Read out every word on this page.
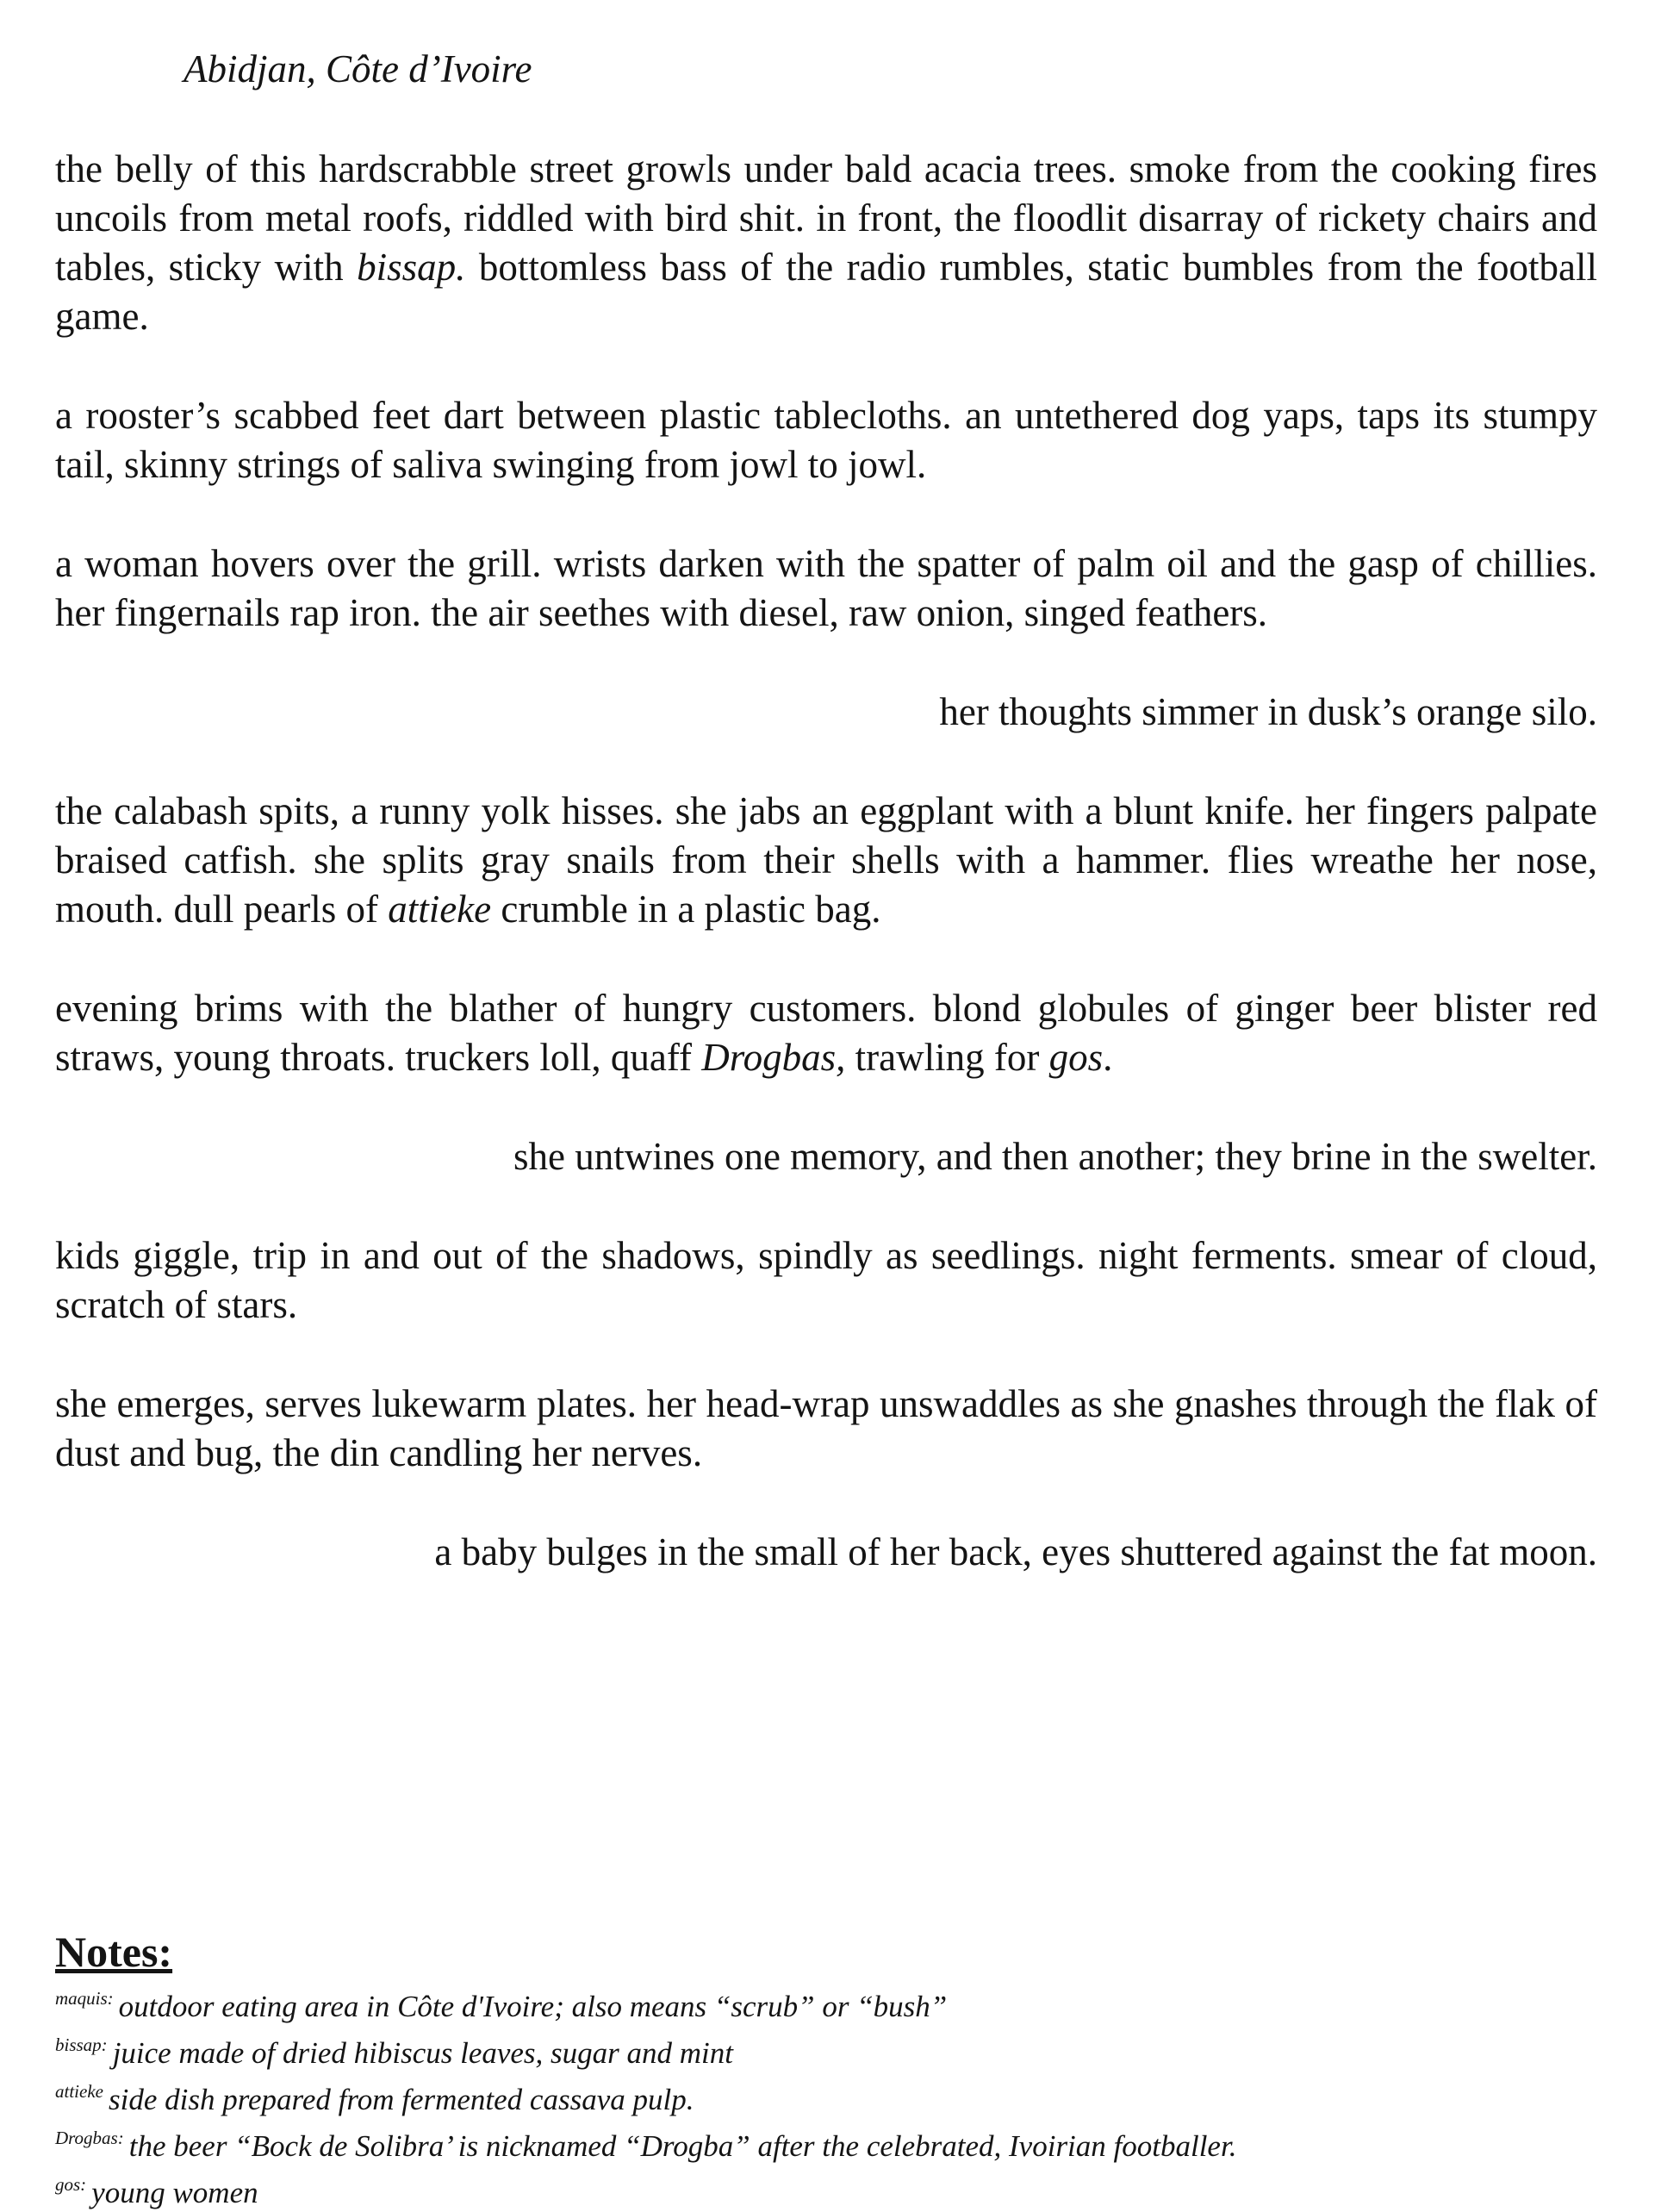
Abidjan, Côte d’Ivoire

the belly of this hardscrabble street growls under bald acacia trees. smoke from the cooking fires uncoils from metal roofs, riddled with bird shit. in front, the floodlit disarray of rickety chairs and tables, sticky with bissap. bottomless bass of the radio rumbles, static bumbles from the football game.

a rooster’s scabbed feet dart between plastic tablecloths. an untethered dog yaps, taps its stumpy tail, skinny strings of saliva swinging from jowl to jowl.

a woman hovers over the grill. wrists darken with the spatter of palm oil and the gasp of chillies. her fingernails rap iron. the air seethes with diesel, raw onion, singed feathers.

her thoughts simmer in dusk’s orange silo.

the calabash spits, a runny yolk hisses. she jabs an eggplant with a blunt knife. her fingers palpate braised catfish. she splits gray snails from their shells with a hammer. flies wreathe her nose, mouth. dull pearls of attieke crumble in a plastic bag.

evening brims with the blather of hungry customers. blond globules of ginger beer blister red straws, young throats. truckers loll, quaff Drogbas, trawling for gos.

she untwines one memory, and then another; they brine in the swelter.

kids giggle, trip in and out of the shadows, spindly as seedlings. night ferments. smear of cloud, scratch of stars.

she emerges, serves lukewarm plates. her head-wrap unswaddles as she gnashes through the flak of dust and bug, the din candling her nerves.

a baby bulges in the small of her back, eyes shuttered against the fat moon.

Notes:

$^{maquis:}$ outdoor eating area in Côte d'Ivoire; also means “scrub” or “bush”

$^{bissap:}$ juice made of dried hibiscus leaves, sugar and mint

$^{attieke}$ side dish prepared from fermented cassava pulp.

$^{Drogbas:}$ the beer “Bock de Solibra’ is nicknamed “Drogba” after the celebrated, Ivoirian footballer.

$^{gos:}$ young women
